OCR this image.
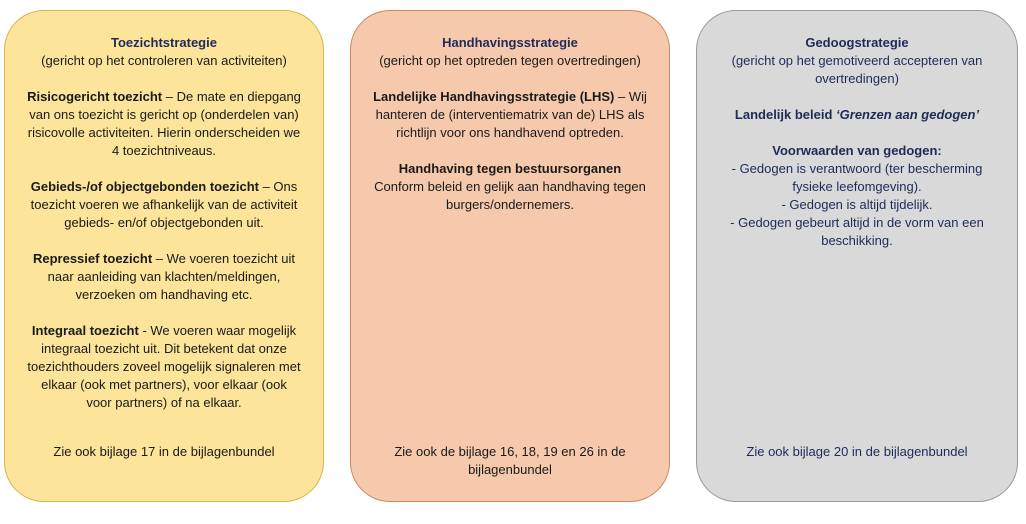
Toezichtstrategie
(gericht op het controleren van activiteiten)
Risicogericht toezicht – De mate en diepgang van ons toezicht is gericht op (onderdelen van) risicovolle activiteiten. Hierin onderscheiden we 4 toezichtniveaus.
Gebieds-/of objectgebonden toezicht – Ons toezicht voeren we afhankelijk van de activiteit gebieds- en/of objectgebonden uit.
Repressief toezicht – We voeren toezicht uit naar aanleiding van klachten/meldingen, verzoeken om handhaving etc.
Integraal toezicht - We voeren waar mogelijk integraal toezicht uit. Dit betekent dat onze toezichthouders zoveel mogelijk signaleren met elkaar (ook met partners), voor elkaar (ook voor partners) of na elkaar.
Zie ook bijlage 17 in de bijlagenbundel
Handhavingsstrategie
(gericht op het optreden tegen overtredingen)
Landelijke Handhavingsstrategie (LHS) – Wij hanteren de (interventiematrix van de) LHS als richtlijn voor ons handhavend optreden.
Handhaving tegen bestuursorganen
Conform beleid en gelijk aan handhaving tegen burgers/ondernemers.
Zie ook de bijlage 16, 18, 19 en 26 in de bijlagenbundel
Gedoogstrategie
(gericht op het gemotiveerd accepteren van overtredingen)
Landelijk beleid ‘Grenzen aan gedogen’
Voorwaarden van gedogen:
- Gedogen is verantwoord (ter bescherming fysieke leefomgeving).
- Gedogen is altijd tijdelijk.
- Gedogen gebeurt altijd in de vorm van een beschikking.
Zie ook bijlage 20 in de bijlagenbundel
